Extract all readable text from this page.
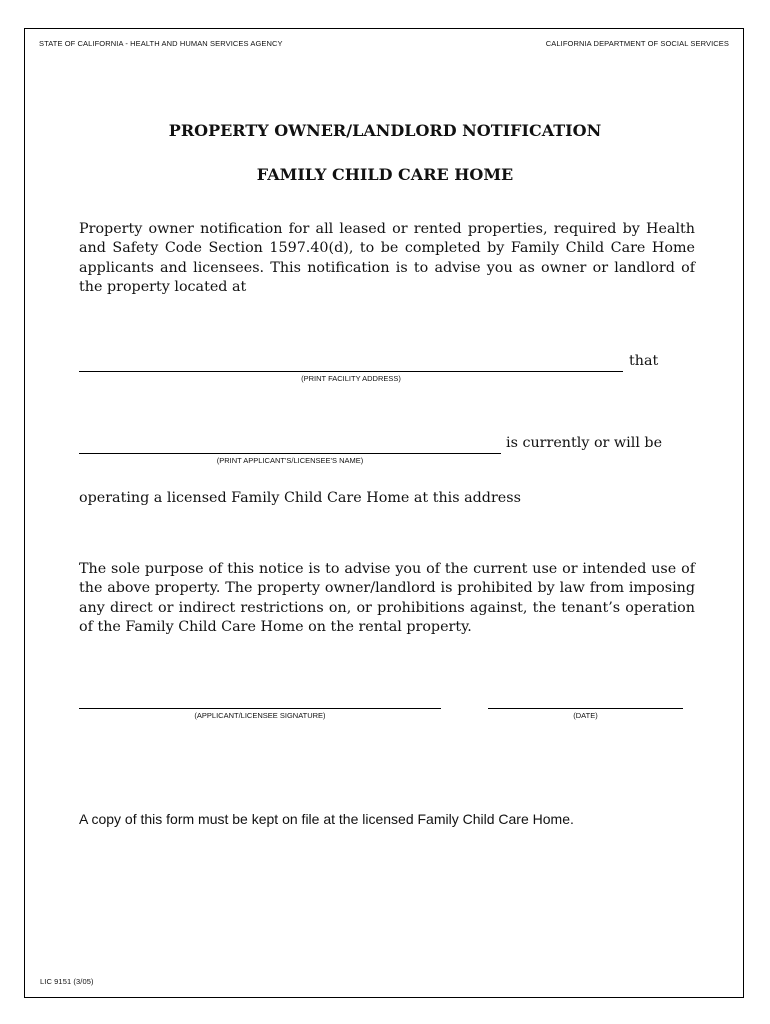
STATE OF CALIFORNIA - HEALTH AND HUMAN SERVICES AGENCY	CALIFORNIA DEPARTMENT OF SOCIAL SERVICES
PROPERTY OWNER/LANDLORD NOTIFICATION
FAMILY CHILD CARE HOME
Property owner notification for all leased or rented properties, required by Health and Safety Code Section 1597.40(d), to be completed by Family Child Care Home applicants and licensees. This notification is to advise you as owner or landlord of the property located at
that
(PRINT FACILITY ADDRESS)
is currently or will be
(PRINT APPLICANT'S/LICENSEE'S NAME)
operating a licensed Family Child Care Home at this address
The sole purpose of this notice is to advise you of the current use or intended use of the above property. The property owner/landlord is prohibited by law from imposing any direct or indirect restrictions on, or prohibitions against, the tenant’s operation of the Family Child Care Home on the rental property.
(APPLICANT/LICENSEE SIGNATURE)	(DATE)
A copy of this form must be kept on file at the licensed Family Child Care Home.
LIC 9151 (3/05)
